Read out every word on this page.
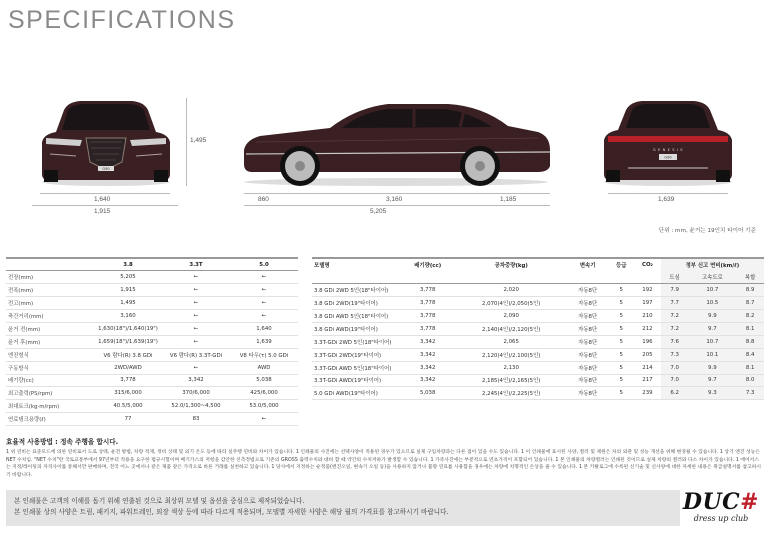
SPECIFICATIONS
G90
G E N E S I S
G90
1,640
1,915
1,495
860	3,160	1,185
5,205
1,639
단위 : mm, 윤거는 19인치 타이어 기준
	3.8	3.3T	5.0
전장(mm)	5,205	←	←
전폭(mm)	1,915	←	←
전고(mm)	1,495	←	←
축간거리(mm)	3,160	←	←
윤거 전(mm)	1,630(18")/1,640(19")	←	1,640
윤거 후(mm)	1,659(18")/1,639(19")	←	1,639
엔진형식	V6 람다(R) 3.8 GDi	V6 람다(R) 3.3T-GDi	V8 타우(τ) 5.0 GDi
구동방식	2WD/AWD	←	AWD
배기량(cc)	3,778	3,342	5,038
최고출력(PS/rpm)	315/6,000	370/6,000	425/6,000
최대토크(kg·m/rpm)	40.5/5,000	52.0/1,300~4,500	53.0/5,000
연료탱크용량(ℓ)	77	83	←
모델명	배기량(cc)	공차중량(kg)	변속기	등급	CO₂	정부 신고 연비(km/ℓ)		
						도심	고속도로	복합
3.8 GDi 2WD 5인(18"타이어)	3,778	2,020	자동8단	5	192	7.9	10.7	8.9
3.8 GDi 2WD(19"타이어)	3,778	2,070(4인)/2,050(5인)	자동8단	5	197	7.7	10.5	8.7
3.8 GDi AWD 5인(18"타이어)	3,778	2,090	자동8단	5	210	7.2	9.9	8.2
3.8 GDi AWD(19"타이어)	3,778	2,140(4인)/2,120(5인)	자동8단	5	212	7.2	9.7	8.1
3.3T-GDi 2WD 5인(18"타이어)	3,342	2,065	자동8단	5	196	7.6	10.7	8.8
3.3T-GDi 2WD(19"타이어)	3,342	2,120(4인)/2,100(5인)	자동8단	5	205	7.3	10.1	8.4
3.3T-GDi AWD 5인(18"타이어)	3,342	2,130	자동8단	5	214	7.0	9.9	8.1
3.3T-GDi AWD(19"타이어)	3,342	2,185(4인)/2,165(5인)	자동8단	5	217	7.0	9.7	8.0
5.0 GDi AWD(19"타이어)	5,038	2,245(4인)/2,225(5인)	자동8단	5	239	6.2	9.3	7.3
효율적 사용방법 : 정속 주행을 합시다.
1 위 연비는 표준모드에 의한 연비로서 도로 상태, 운전 방법, 차량 적재, 정비 상태 및 외기 온도 등에 따라 실주행 연비와 차이가 있습니다. 1 인쇄물의 사진에는 선택사양이 적용된 경우가 있으므로 실제 구입차량과는 다른 점이 있을 수도 있습니다. 1 이 인쇄물에 표시된 사양, 컬러 및 제원은 차의 외관 및 성능 개선을 위해 변경될 수 있습니다. 1 상기 엔진 성능은 NET 수치임. "NET 수치"란 국토교통부에서 97년부터 적용을 요구한 법규시험이며 배기가스의 저항을 감안한 신측정법으로 기존의 GROSS 출력수치와 대비 할 때 약간의 수치저하가 발생할 수 있습니다. 1 가족사진에는 부분적으로 연초가격이 포함되어 있습니다. 1 본 인쇄물의 차량컬러는 인쇄된 것이므로 실제 차량의 컬러와 다소 차이가 있습니다. 1 에어서스는 지정/레이팅의 자격사이를 통해서만 판매하며, 전국 어느 곳에서나 같은 제품 같은 가격으로 바른 거래를 실천하고 있습니다. 1 당사에서 지정하는 순정품(엔진오일, 변속기 오일 등)을 사용하지 않거나 불량 연료를 사용함을 경우에는 차량에 치명적인 손상을 줄 수 있습니다. 1 본 카탈로그에 수록된 신기술 및 신사양에 대한 자세한 내용은 취급설명서를 참고하시기 바랍니다.
본 인쇄물은 고객의 이해를 돕기 위해 연출된 것으로 최상위 모델 및 옵션을 중심으로 제작되었습니다.
본 인쇄물 상의 사양은 트림, 패키지, 파워트레인, 외장 색상 등에 따라 다르게 적용되며, 모델별 자세한 사양은 해당 월의 가격표를 참고하시기 바랍니다.	DUC#
dress up club
